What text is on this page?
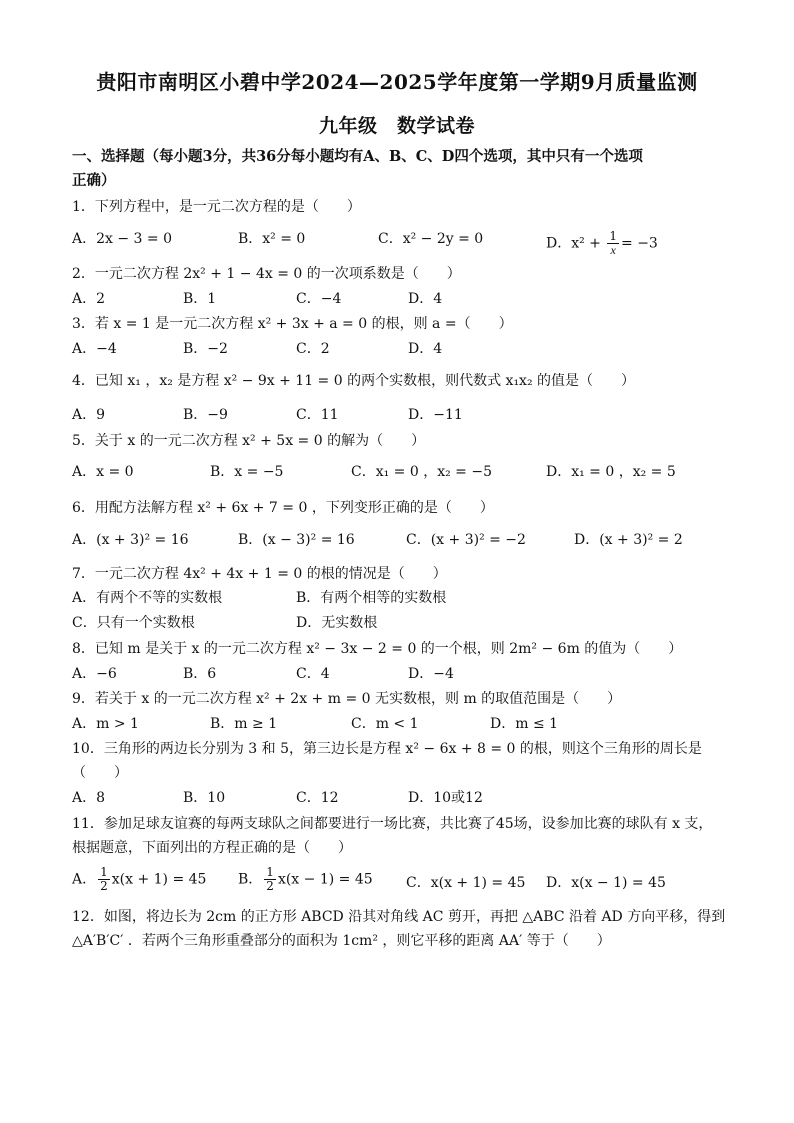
贵阳市南明区小碧中学2024—2025学年度第一学期9月质量监测
九年级　数学试卷
一、选择题（每小题3分，共36分每小题均有A、B、C、D四个选项，其中只有一个选项
正确）
1．下列方程中，是一元二次方程的是（　　）
A．2x − 3 = 0	B．x² = 0	C．x² − 2y = 0	D．$x^2 + \frac{1}{x} = -3$
2．一元二次方程 2x² + 1 − 4x = 0 的一次项系数是（　　）
A．2	B．1	C．−4	D．4
3．若 x = 1 是一元二次方程 x² + 3x + a = 0 的根，则 a =（　　）
A．−4	B．−2	C．2	D．4
4．已知 x₁ ，x₂ 是方程 x² − 9x + 11 = 0 的两个实数根，则代数式 x₁x₂ 的值是（　　）
A．9	B．−9	C．11	D．−11
5．关于 x 的一元二次方程 x² + 5x = 0 的解为（　　）
A．x = 0	B．x = −5	C．x₁ = 0 ，x₂ = −5	D．x₁ = 0 ，x₂ = 5
6．用配方法解方程 x² + 6x + 7 = 0 ，下列变形正确的是（　　）
A．(x + 3)² = 16	B．(x − 3)² = 16	C．(x + 3)² = −2	D．(x + 3)² = 2
7．一元二次方程 4x² + 4x + 1 = 0 的根的情况是（　　）
A．有两个不等的实数根	B．有两个相等的实数根
C．只有一个实数根	D．无实数根
8．已知 m 是关于 x 的一元二次方程 x² − 3x − 2 = 0 的一个根，则 2m² − 6m 的值为（　　）
A．−6	B．6	C．4	D．−4
9．若关于 x 的一元二次方程 x² + 2x + m = 0 无实数根，则 m 的取值范围是（　　）
A．m > 1	B．m ≥ 1	C．m < 1	D．m ≤ 1
10．三角形的两边长分别为 3 和 5，第三边长是方程 x² − 6x + 8 = 0 的根，则这个三角形的周长是
（　　）
A．8	B．10	C．12	D．10或12
11．参加足球友谊赛的每两支球队之间都要进行一场比赛，共比赛了45场，设参加比赛的球队有 x 支，
根据题意，下面列出的方程正确的是（　　）
A． $\frac{1}{2} x(x + 1) = 45$ B． $\frac{1}{2} x(x - 1) = 45$ C．x(x + 1) = 45 D．x(x − 1) = 45
12．如图，将边长为 2cm 的正方形 ABCD 沿其对角线 AC 剪开，再把 △ABC 沿着 AD 方向平移，得到
△A′B′C′ ．若两个三角形重叠部分的面积为 1cm² ，则它平移的距离 AA′ 等于（　　）
